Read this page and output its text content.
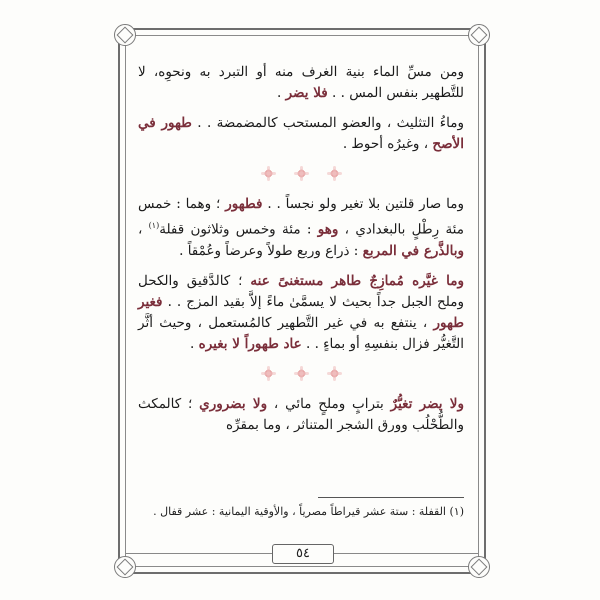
ومن مسِّ الماء بنية الغرف منه أو التبرد به ونحوِه، لا للتَّطهير بنفس المس . . فلا يضر .

وماءُ التثليث ، والعضو المستحب كالمضمضة . . طهور في الأصح ، وغيرُه أحوط .

وما صار قلتين بلا تغير ولو نجساً . . فطهور ؛ وهما : خمس مئة رِطْلٍ بالبغدادي ، وهو : مئة وخمس وثلاثون قفلة$^{(١)}$ ، وبالذَّرع في المربع : ذراع وربع طولاً وعرضاً وعُمْقاً .

وما غيَّره مُمازِجٌ طاهر مستغنىً عنه ؛ كالدَّقيق والكحل وملح الجبل جداً بحيث لا يسمَّىٰ ماءً إلاَّ بقيد المزج . . فغير طهور ، ينتفع به في غير التَّطهير كالمُستعمل ، وحيث أثَّر التَّغيُّر فزال بنفسِهِ أو بماءٍ . . عاد طهوراً لا بغيره .

ولا يضر تغيُّرٌ بترابٍ وملحٍ مائي ، ولا بضروري ؛ كالمكث والطُّحْلُب وورق الشجر المتناثر ، وما بمقرِّه

(١) القفلة : ستة عشر قيراطاً مصرياً ، والأوقية اليمانية : عشر قفال .
٥٤
